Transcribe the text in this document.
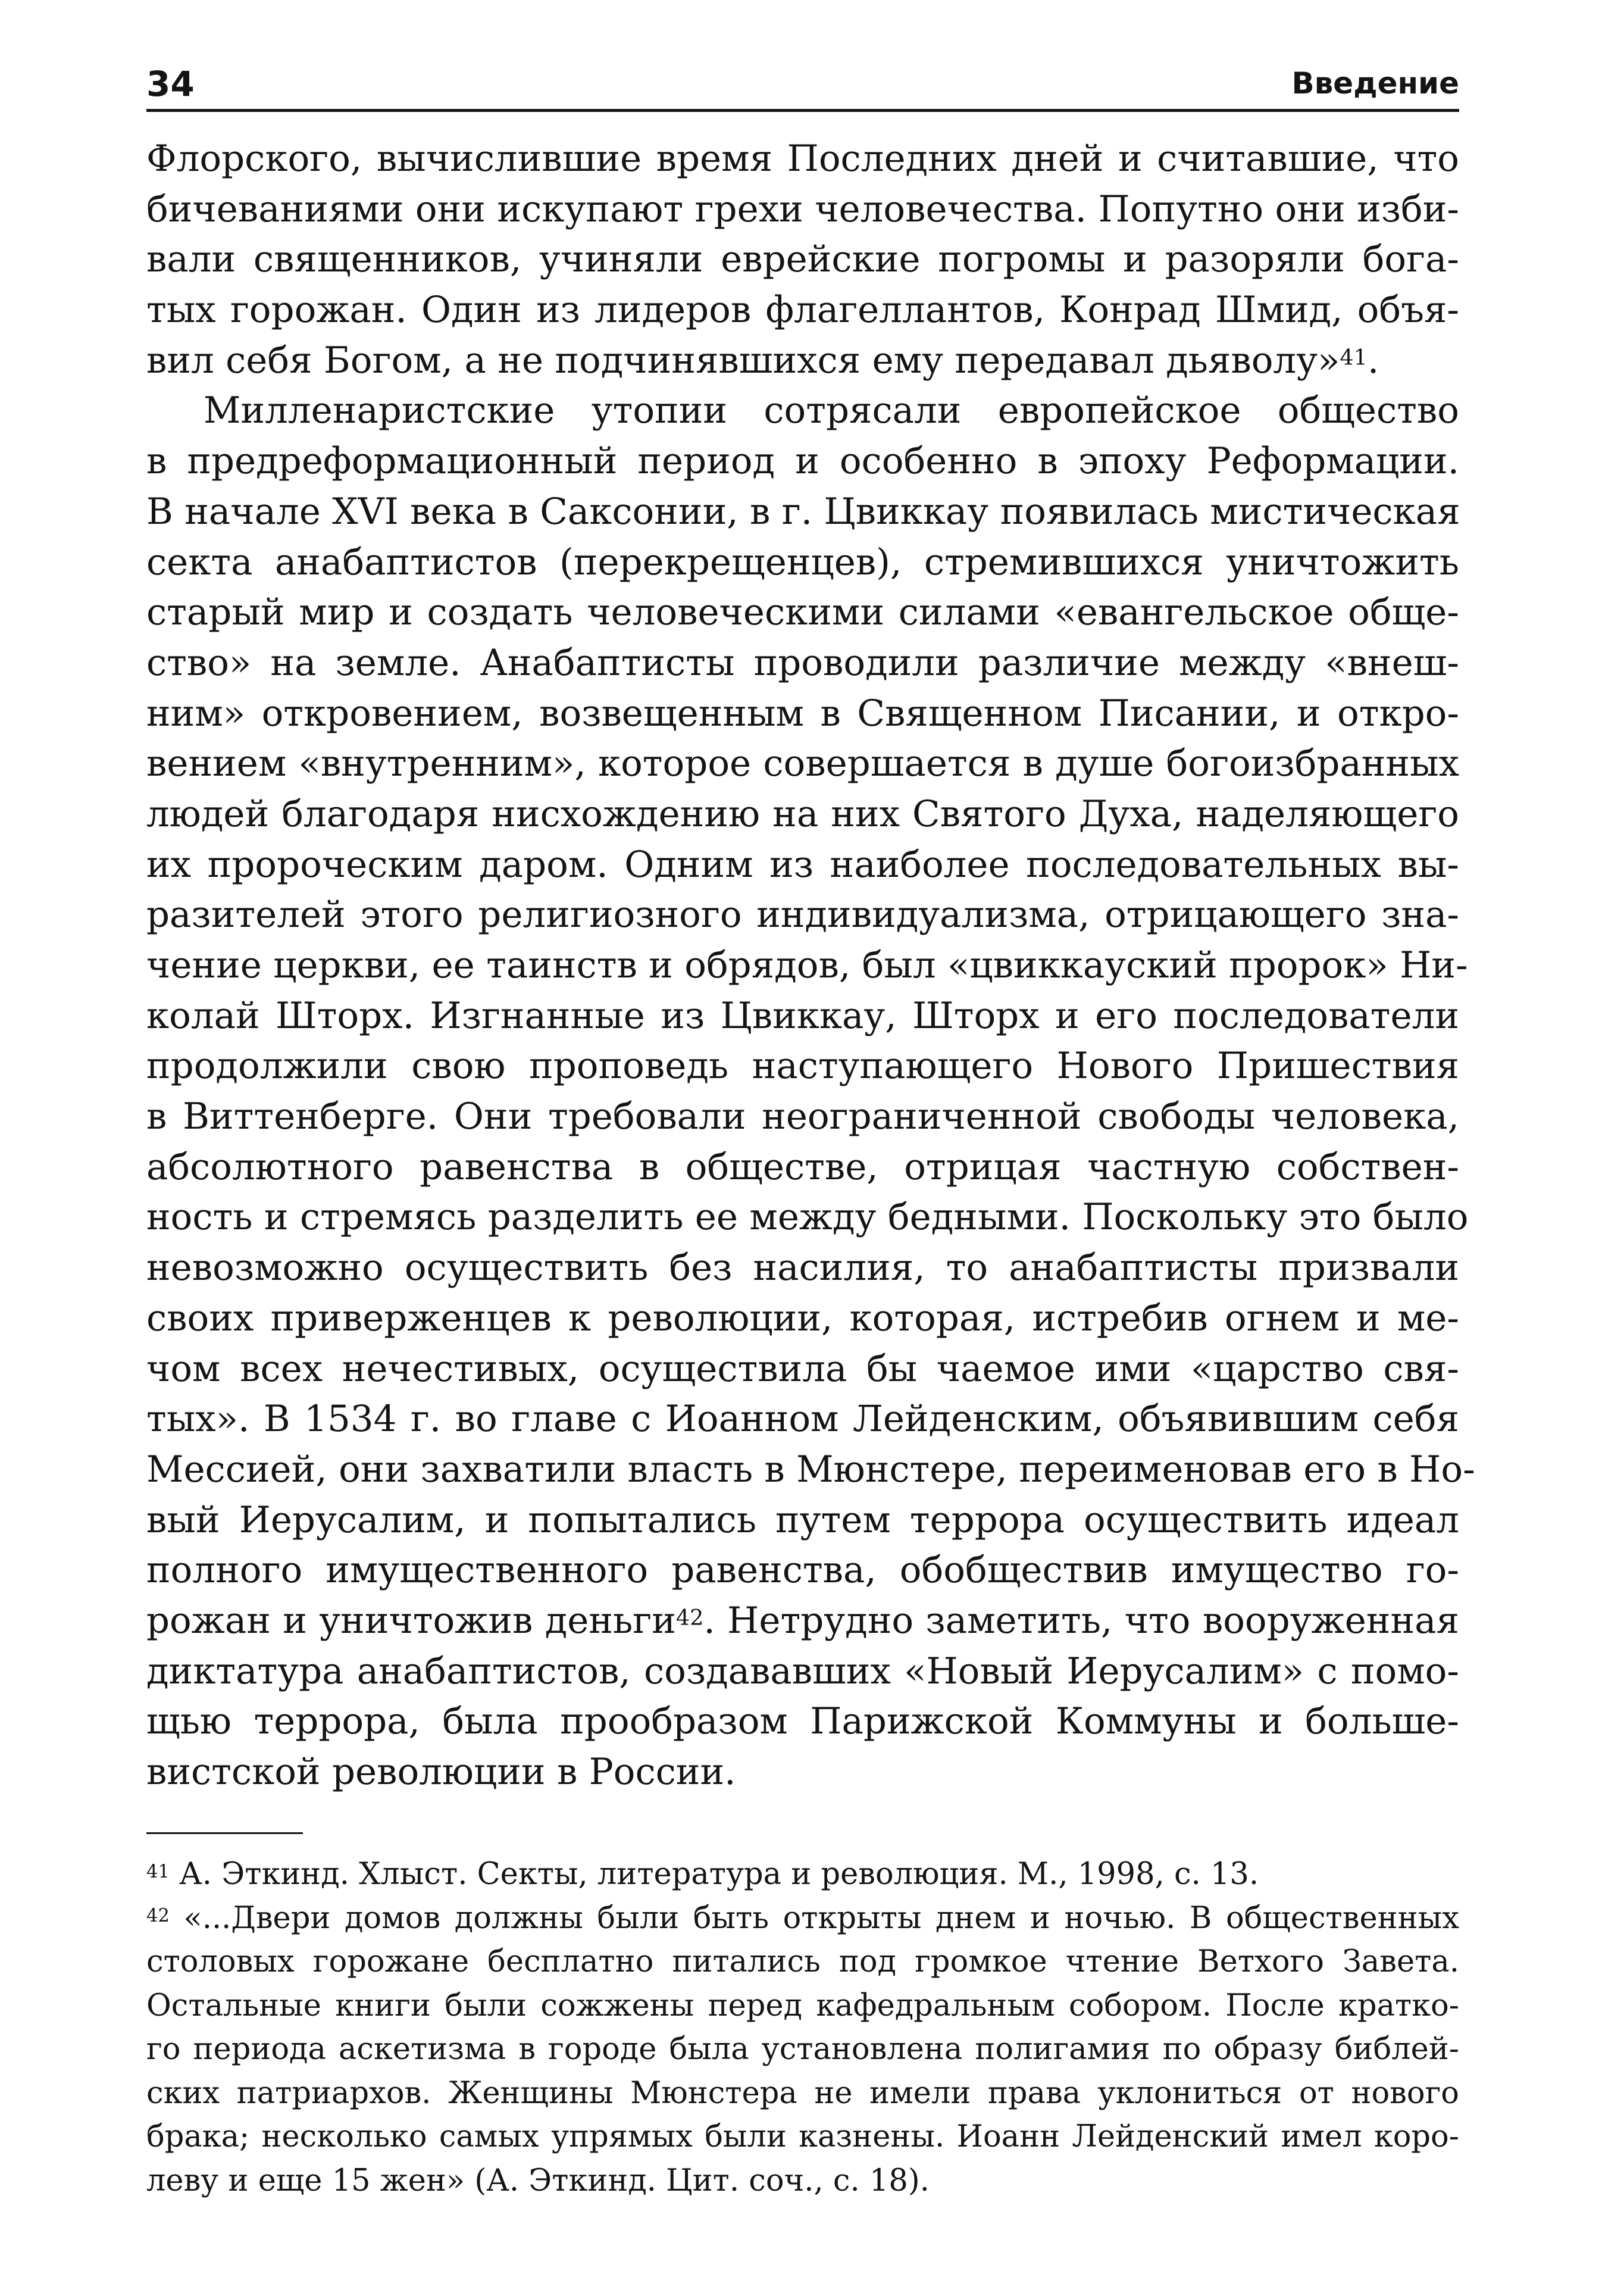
34	Введение
Флорского, вычислившие время Последних дней и считавшие, что
бичеваниями они искупают грехи человечества. Попутно они изби-
вали священников, учиняли еврейские погромы и разоряли бога-
тых горожан. Один из лидеров флагеллантов, Конрад Шмид, объя-
вил себя Богом, а не подчинявшихся ему передавал дьяволу»$^{41}$.
Милленаристские утопии сотрясали европейское общество
в предреформационный период и особенно в эпоху Реформации.
В начале XVI века в Саксонии, в г. Цвиккау появилась мистическая
секта анабаптистов (перекрещенцев), стремившихся уничтожить
старый мир и создать человеческими силами «евангельское обще-
ство» на земле. Анабаптисты проводили различие между «внеш-
ним» откровением, возвещенным в Священном Писании, и откро-
вением «внутренним», которое совершается в душе богоизбранных
людей благодаря нисхождению на них Святого Духа, наделяющего
их пророческим даром. Одним из наиболее последовательных вы-
разителей этого религиозного индивидуализма, отрицающего зна-
чение церкви, ее таинств и обрядов, был «цвиккауский пророк» Ни-
колай Шторх. Изгнанные из Цвиккау, Шторх и его последователи
продолжили свою проповедь наступающего Нового Пришествия
в Виттенберге. Они требовали неограниченной свободы человека,
абсолютного равенства в обществе, отрицая частную собствен-
ность и стремясь разделить ее между бедными. Поскольку это было
невозможно осуществить без насилия, то анабаптисты призвали
своих приверженцев к революции, которая, истребив огнем и ме-
чом всех нечестивых, осуществила бы чаемое ими «царство свя-
тых». В 1534 г. во главе с Иоанном Лейденским, объявившим себя
Мессией, они захватили власть в Мюнстере, переименовав его в Но-
вый Иерусалим, и попытались путем террора осуществить идеал
полного имущественного равенства, обобществив имущество го-
рожан и уничтожив деньги$^{42}$. Нетрудно заметить, что вооруженная
диктатура анабаптистов, создававших «Новый Иерусалим» с помо-
щью террора, была прообразом Парижской Коммуны и большe-
вистской революции в России.
$^{41}$ А. Эткинд. Хлыст. Секты, литература и революция. М., 1998, с. 13.
$^{42}$ «...Двери домов должны были быть открыты днем и ночью. В общественных
столовых горожане бесплатно питались под громкое чтение Ветхого Завета.
Остальные книги были сожжены перед кафедральным собором. После кратко-
го периода аскетизма в городе была установлена полигамия по образу библей-
ских патриархов. Женщины Мюнстера не имели права уклониться от нового
брака; несколько самых упрямых были казнены. Иоанн Лейденский имел коро-
леву и еще 15 жен» (А. Эткинд. Цит. соч., с. 18).
